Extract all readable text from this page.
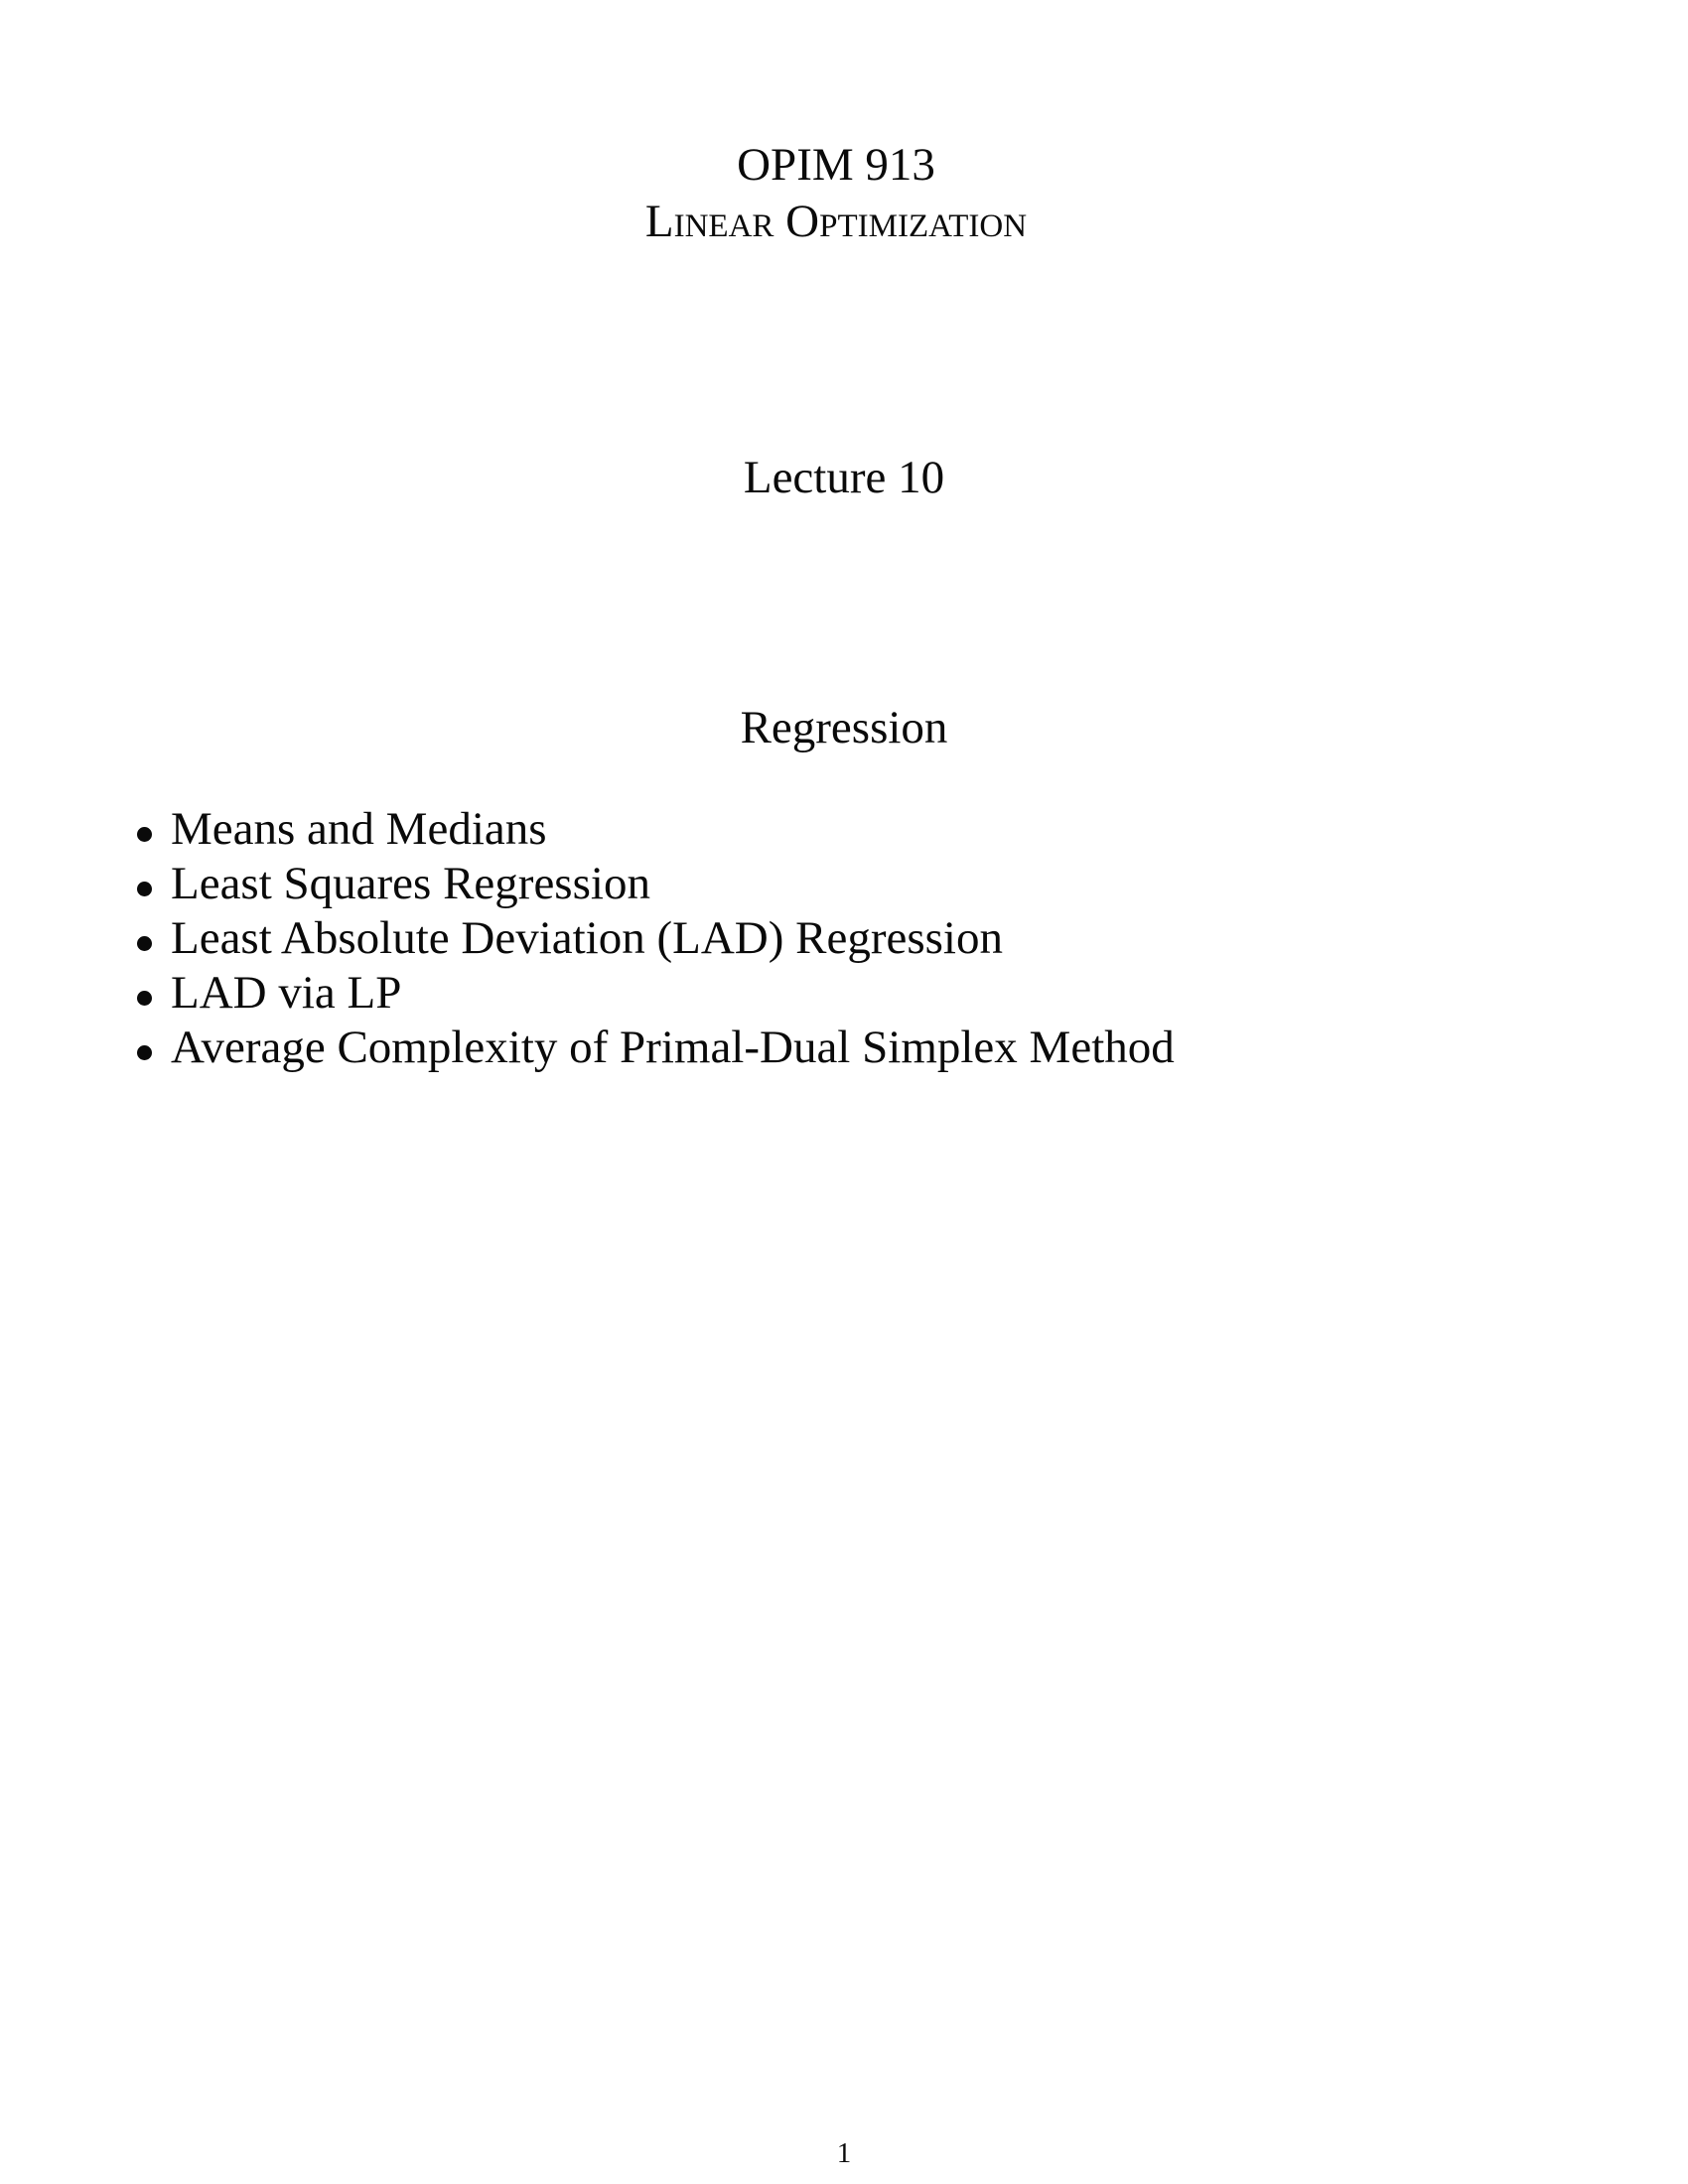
OPIM 913
Linear Optimization
Lecture 10
Regression
Means and Medians
Least Squares Regression
Least Absolute Deviation (LAD) Regression
LAD via LP
Average Complexity of Primal-Dual Simplex Method
1
